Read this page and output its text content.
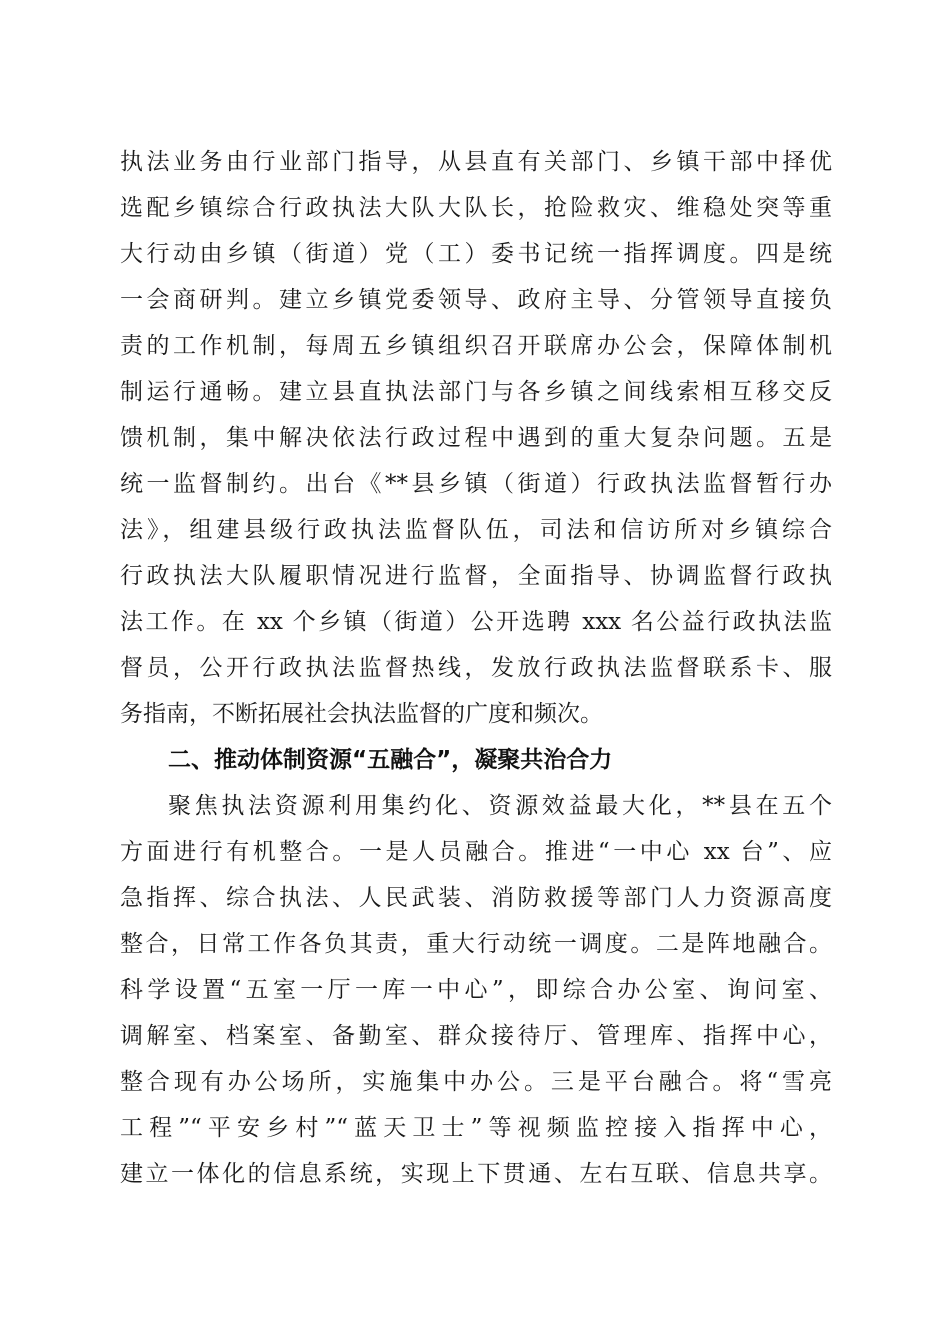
执法业务由行业部门指导，从县直有关部门、乡镇干部中择优
选配乡镇综合行政执法大队大队长，抢险救灾、维稳处突等重
大行动由乡镇（街道）党（工）委书记统一指挥调度。四是统
一会商研判。建立乡镇党委领导、政府主导、分管领导直接负
责的工作机制，每周五乡镇组织召开联席办公会，保障体制机
制运行通畅。建立县直执法部门与各乡镇之间线索相互移交反
馈机制，集中解决依法行政过程中遇到的重大复杂问题。五是
统一监督制约。出台《**县乡镇（街道）行政执法监督暂行办
法》，组建县级行政执法监督队伍，司法和信访所对乡镇综合
行政执法大队履职情况进行监督，全面指导、协调监督行政执
法工作。在 xx 个乡镇（街道）公开选聘 xxx 名公益行政执法监
督员，公开行政执法监督热线，发放行政执法监督联系卡、服
务指南，不断拓展社会执法监督的广度和频次。
二、推动体制资源“五融合”，凝聚共治合力
聚焦执法资源利用集约化、资源效益最大化，**县在五个
方面进行有机整合。一是人员融合。推进“一中心 xx 台”、应
急指挥、综合执法、人民武装、消防救援等部门人力资源高度
整合，日常工作各负其责，重大行动统一调度。二是阵地融合。
科学设置“五室一厅一库一中心”，即综合办公室、询问室、
调解室、档案室、备勤室、群众接待厅、管理库、指挥中心，
整合现有办公场所，实施集中办公。三是平台融合。将“雪亮
工程”“平安乡村”“蓝天卫士”等视频监控接入指挥中心，
建立一体化的信息系统，实现上下贯通、左右互联、信息共享。
